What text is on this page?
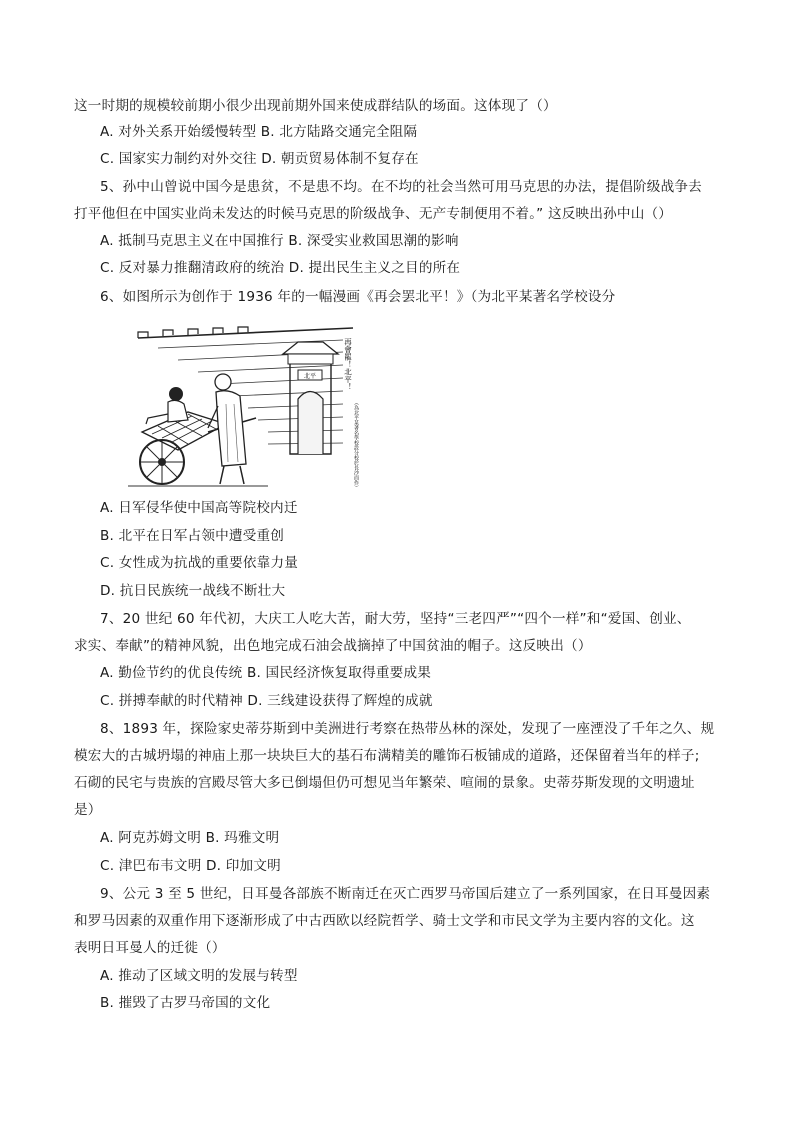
这一时期的规模较前期小很少出现前期外国来使成群结队的场面。这体现了（）
A. 对外关系开始缓慢转型 B. 北方陆路交通完全阻隔
C. 国家实力制约对外交往 D. 朝贡贸易体制不复存在
5、孙中山曾说中国今是患贫，不是患不均。在不均的社会当然可用马克思的办法，提倡阶级战争去
打平他但在中国实业尚未发达的时候马克思的阶级战争、无产专制便用不着。” 这反映出孙中山（）
A. 抵制马克思主义在中国推行 B. 深受实业救国思潮的影响
C. 反对暴力推翻清政府的统治 D. 提出民生主义之目的所在
6、如图所示为创作于 1936 年的一幅漫画《再会罢北平！》（为北平某著名学校设分
北平	再會罷！北平！
（為北平某著名學校設分校於長沙而作）
A. 日军侵华使中国高等院校内迁
B. 北平在日军占领中遭受重创
C. 女性成为抗战的重要依靠力量
D. 抗日民族统一战线不断壮大
7、20 世纪 60 年代初，大庆工人吃大苦，耐大劳，坚持“三老四严”“四个一样”和“爱国、创业、
求实、奉献”的精神风貌，出色地完成石油会战摘掉了中国贫油的帽子。这反映出（）
A. 勤俭节约的优良传统 B. 国民经济恢复取得重要成果
C. 拼搏奉献的时代精神 D. 三线建设获得了辉煌的成就
8、1893 年，探险家史蒂芬斯到中美洲进行考察在热带丛林的深处，发现了一座湮没了千年之久、规
模宏大的古城坍塌的神庙上那一块块巨大的基石布满精美的雕饰石板铺成的道路，还保留着当年的样子;
石砌的民宅与贵族的宫殿尽管大多已倒塌但仍可想见当年繁荣、喧闹的景象。史蒂芬斯发现的文明遗址
是）
A. 阿克苏姆文明 B. 玛雅文明
C. 津巴布韦文明 D. 印加文明
9、公元 3 至 5 世纪，日耳曼各部族不断南迁在灭亡西罗马帝国后建立了一系列国家，在日耳曼因素
和罗马因素的双重作用下逐渐形成了中古西欧以经院哲学、骑士文学和市民文学为主要内容的文化。这
表明日耳曼人的迁徙（）
A. 推动了区域文明的发展与转型
B. 摧毁了古罗马帝国的文化
